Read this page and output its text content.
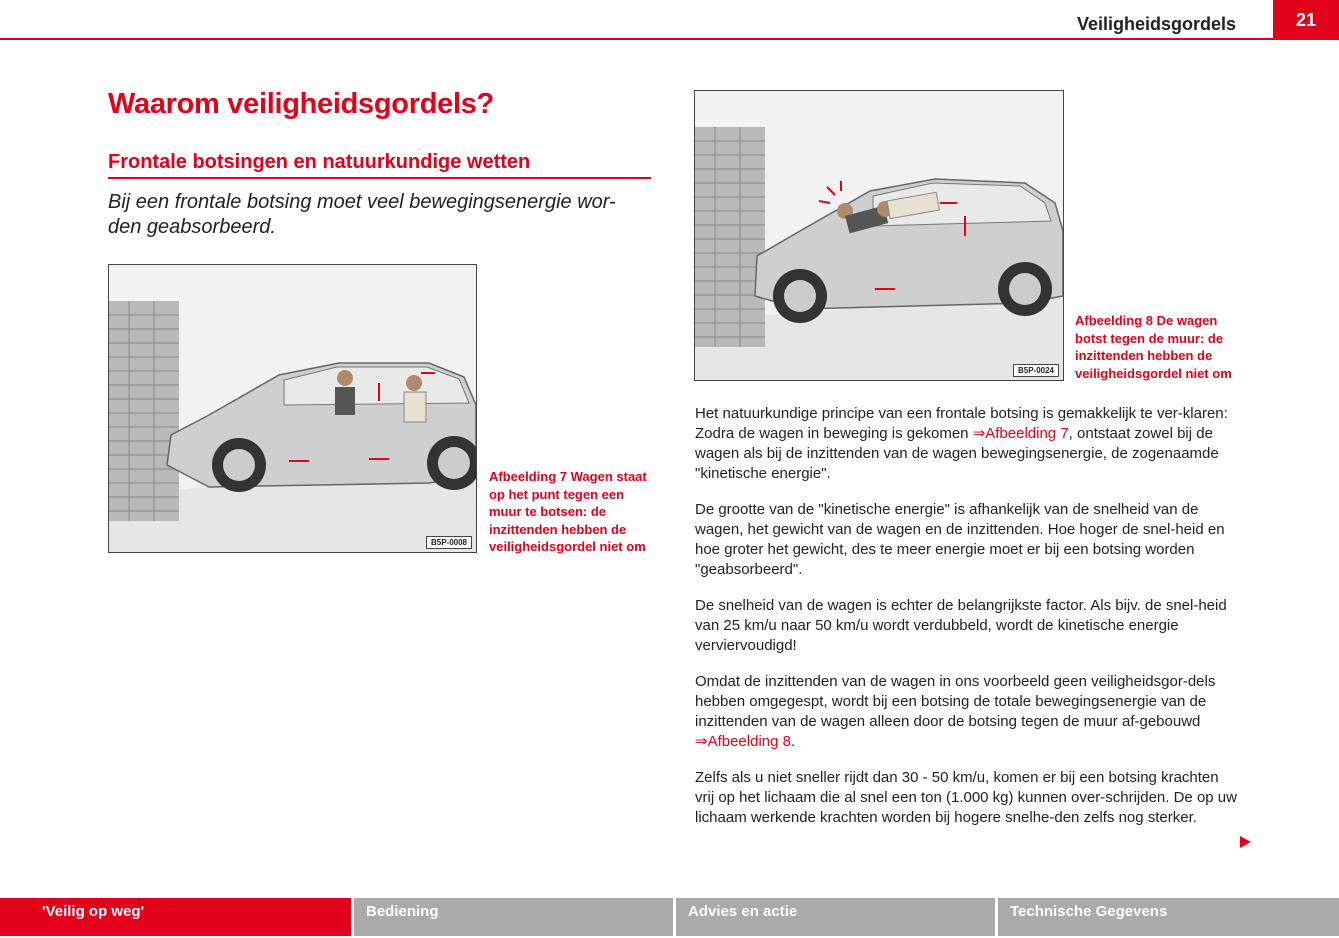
Veiligheidsgordels	21
Waarom veiligheidsgordels?
Frontale botsingen en natuurkundige wetten
Bij een frontale botsing moet veel bewegingsenergie wor-den geabsorbeerd.
B5P-0008
Afbeelding 7 Wagen staat op het punt tegen een muur te botsen: de inzittenden hebben de veiligheidsgordel niet om
B5P-0024
Afbeelding 8 De wagen botst tegen de muur: de inzittenden hebben de veiligheidsgordel niet om

Het natuurkundige principe van een frontale botsing is gemakkelijk te ver-klaren: Zodra de wagen in beweging is gekomen ⇒Afbeelding 7, ontstaat zowel bij de wagen als bij de inzittenden van de wagen bewegingsenergie, de zogenaamde "kinetische energie".

De grootte van de "kinetische energie" is afhankelijk van de snelheid van de wagen, het gewicht van de wagen en de inzittenden. Hoe hoger de snel-heid en hoe groter het gewicht, des te meer energie moet er bij een botsing worden "geabsorbeerd".

De snelheid van de wagen is echter de belangrijkste factor. Als bijv. de snel-heid van 25 km/u naar 50 km/u wordt verdubbeld, wordt de kinetische energie verviervoudigd!

Omdat de inzittenden van de wagen in ons voorbeeld geen veiligheidsgor-dels hebben omgegespt, wordt bij een botsing de totale bewegingsenergie van de inzittenden van de wagen alleen door de botsing tegen de muur af-gebouwd ⇒Afbeelding 8.

Zelfs als u niet sneller rijdt dan 30 - 50 km/u, komen er bij een botsing krachten vrij op het lichaam die al snel een ton (1.000 kg) kunnen over-schrijden. De op uw lichaam werkende krachten worden bij hogere snelhe-den zelfs nog sterker.

'Veilig op weg'	Bediening	Advies en actie	Technische Gegevens
